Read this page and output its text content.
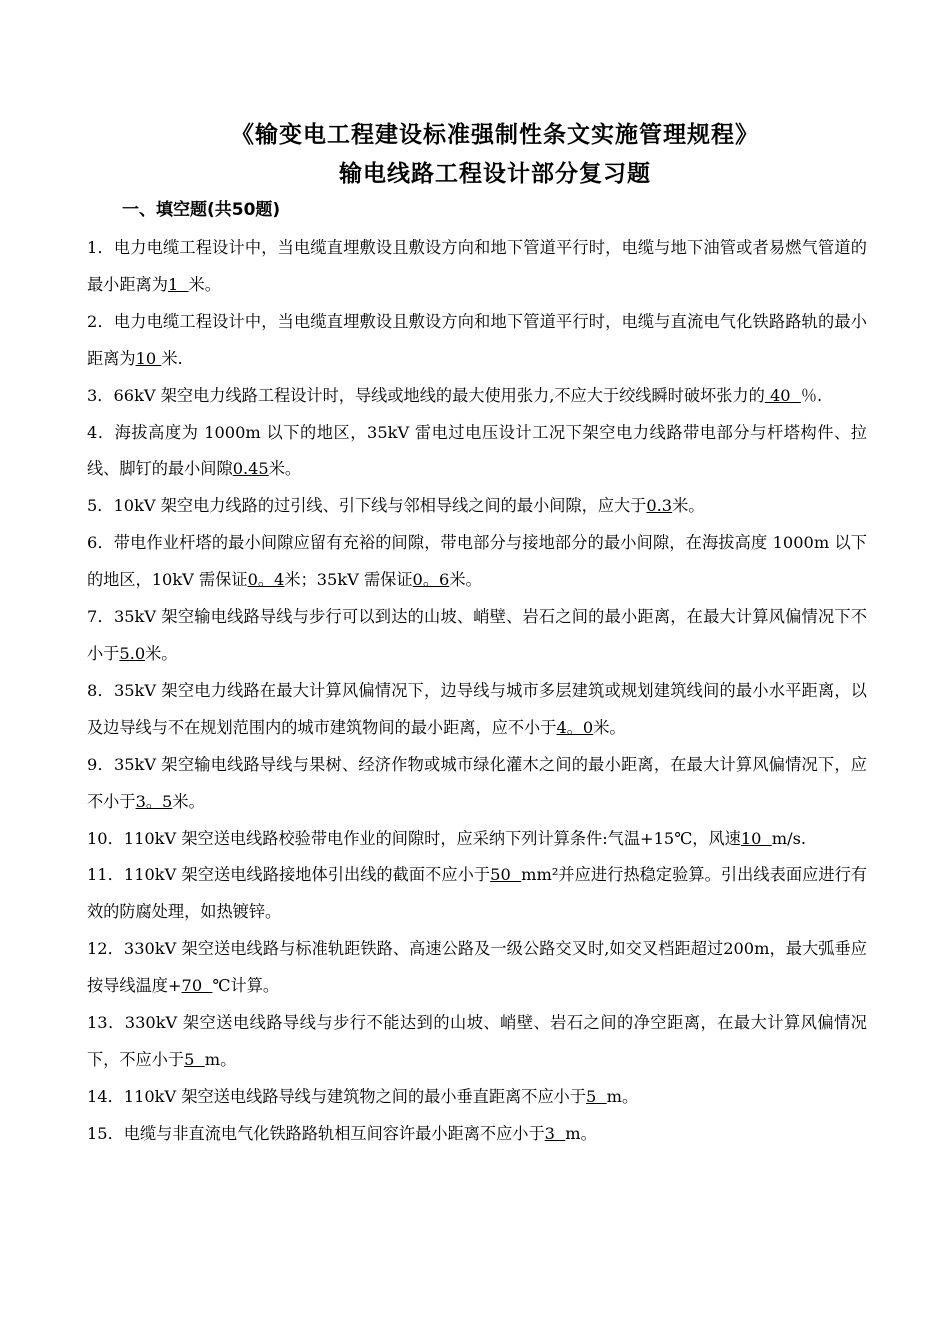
《输变电工程建设标准强制性条文实施管理规程》
输电线路工程设计部分复习题
一、填空题(共50题)

1．电力电缆工程设计中，当电缆直埋敷设且敷设方向和地下管道平行时，电缆与地下油管或者易燃气管道的最小距离为1  米。

2．电力电缆工程设计中，当电缆直埋敷设且敷设方向和地下管道平行时，电缆与直流电气化铁路路轨的最小距离为10 米.

3．66kV 架空电力线路工程设计时，导线或地线的最大使用张力,不应大于绞线瞬时破坏张力的 40  ％.

4．海拔高度为 1000m 以下的地区，35kV 雷电过电压设计工况下架空电力线路带电部分与杆塔构件、拉线、脚钉的最小间隙0.45米。

5．10kV 架空电力线路的过引线、引下线与邻相导线之间的最小间隙，应大于0.3米。

6．带电作业杆塔的最小间隙应留有充裕的间隙，带电部分与接地部分的最小间隙，在海拔高度 1000m 以下的地区，10kV 需保证0。4米；35kV 需保证0。6米。

7．35kV 架空输电线路导线与步行可以到达的山坡、峭壁、岩石之间的最小距离，在最大计算风偏情况下不小于5.0米。

8．35kV 架空电力线路在最大计算风偏情况下，边导线与城市多层建筑或规划建筑线间的最小水平距离，以及边导线与不在规划范围内的城市建筑物间的最小距离，应不小于4。0米。

9．35kV 架空输电线路导线与果树、经济作物或城市绿化灌木之间的最小距离，在最大计算风偏情况下，应不小于3。5米。

10．110kV 架空送电线路校验带电作业的间隙时，应采纳下列计算条件:气温+15℃，风速10  m/s.

11．110kV 架空送电线路接地体引出线的截面不应小于50  mm²并应进行热稳定验算。引出线表面应进行有效的防腐处理，如热镀锌。

12．330kV 架空送电线路与标准轨距铁路、高速公路及一级公路交叉时,如交叉档距超过200m，最大弧垂应按导线温度+70  ℃计算。

13．330kV 架空送电线路导线与步行不能达到的山坡、峭壁、岩石之间的净空距离，在最大计算风偏情况下，不应小于5  m。

14．110kV 架空送电线路导线与建筑物之间的最小垂直距离不应小于5  m。

15．电缆与非直流电气化铁路路轨相互间容许最小距离不应小于3  m。
